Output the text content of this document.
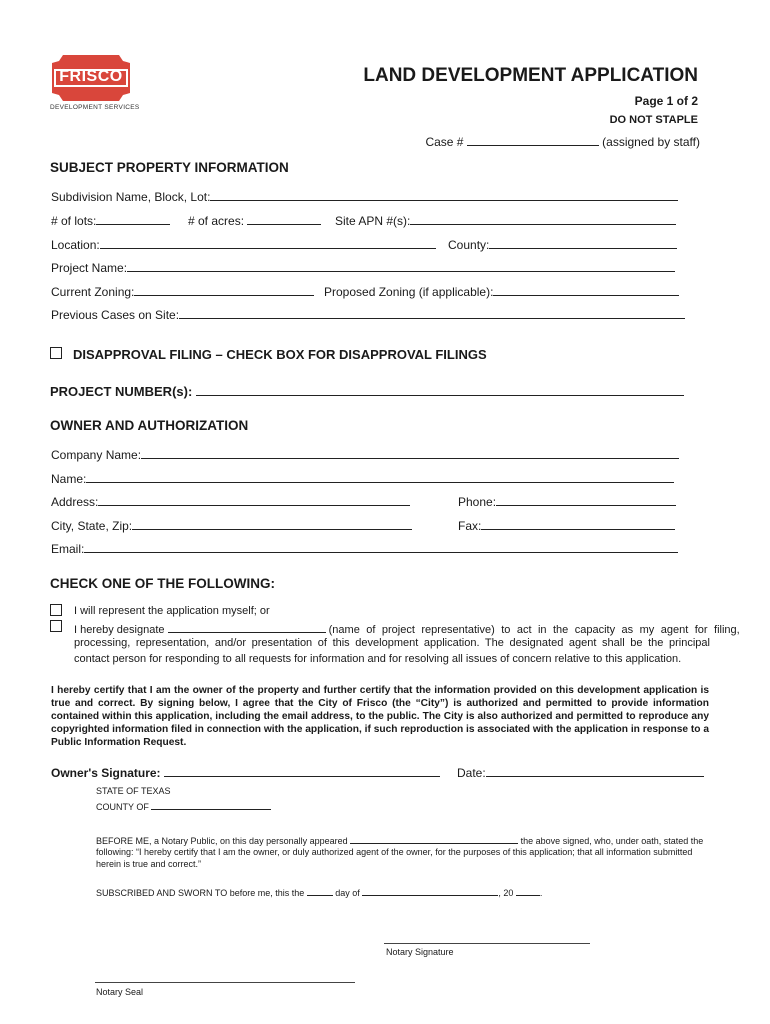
FRISCO
DEVELOPMENT SERVICES
LAND DEVELOPMENT APPLICATION
Page 1 of 2
DO NOT STAPLE
Case #	(assigned by staff)
SUBJECT PROPERTY INFORMATION
Subdivision Name, Block, Lot:
# of lots:	# of acres:	Site APN #(s):
Location:	County:
Project Name:
Current Zoning:	Proposed Zoning (if applicable):
Previous Cases on Site:
DISAPPROVAL FILING – CHECK BOX FOR DISAPPROVAL FILINGS
PROJECT NUMBER(s):
OWNER AND AUTHORIZATION
Company Name:
Name:
Address:	Phone:
City, State, Zip:	Fax:
Email:
CHECK ONE OF THE FOLLOWING:
I will represent the application myself; or
I hereby designate	(name of project representative) to act in the capacity as my agent for filing,
processing, representation, and/or presentation of this development application. The designated agent shall be the principal contact person for responding to all requests for information and for resolving all issues of concern relative to this application.
I hereby certify that I am the owner of the property and further certify that the information provided on this development application is true and correct. By signing below, I agree that the City of Frisco (the “City”) is authorized and permitted to provide information contained within this application, including the email address, to the public. The City is also authorized and permitted to reproduce any copyrighted information filed in connection with the application, if such reproduction is associated with the application in response to a Public Information Request.
Owner's Signature:	Date:
STATE OF TEXAS
COUNTY OF
BEFORE ME, a Notary Public, on this day personally appeared	the above signed, who, under oath, stated the
following: “I hereby certify that I am the owner, or duly authorized agent of the owner, for the purposes of this application; that all information submitted herein is true and correct.”
SUBSCRIBED AND SWORN TO before me, this the	day of	, 20	.
Notary Signature
Notary Seal
